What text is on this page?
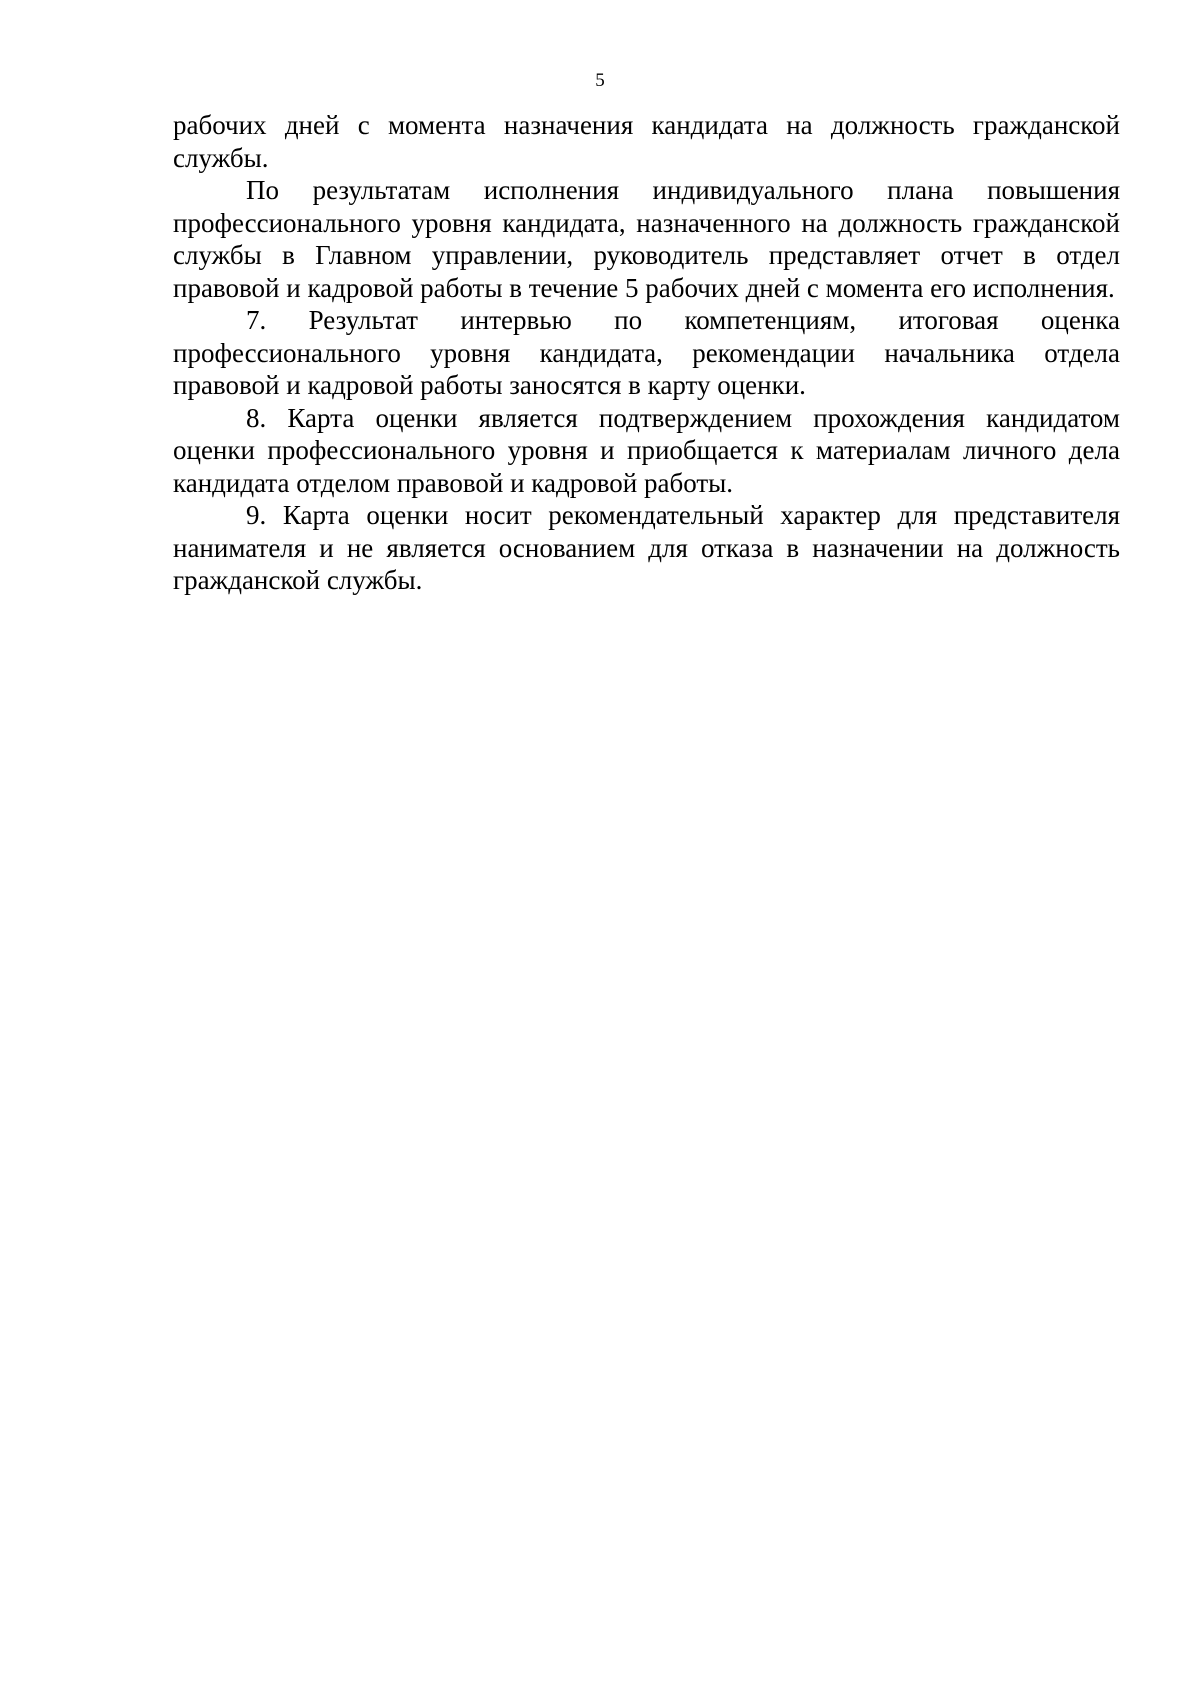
5

рабочих дней с момента назначения кандидата на должность гражданской службы.

По результатам исполнения индивидуального плана повышения профессионального уровня кандидата, назначенного на должность гражданской службы в Главном управлении, руководитель представляет отчет в отдел правовой и кадровой работы в течение 5 рабочих дней с момента его исполнения.

7. Результат интервью по компетенциям, итоговая оценка профессионального уровня кандидата, рекомендации начальника отдела правовой и кадровой работы заносятся в карту оценки.

8. Карта оценки является подтверждением прохождения кандидатом оценки профессионального уровня и приобщается к материалам личного дела кандидата отделом правовой и кадровой работы.

9. Карта оценки носит рекомендательный характер для представителя нанимателя и не является основанием для отказа в назначении на должность гражданской службы.
